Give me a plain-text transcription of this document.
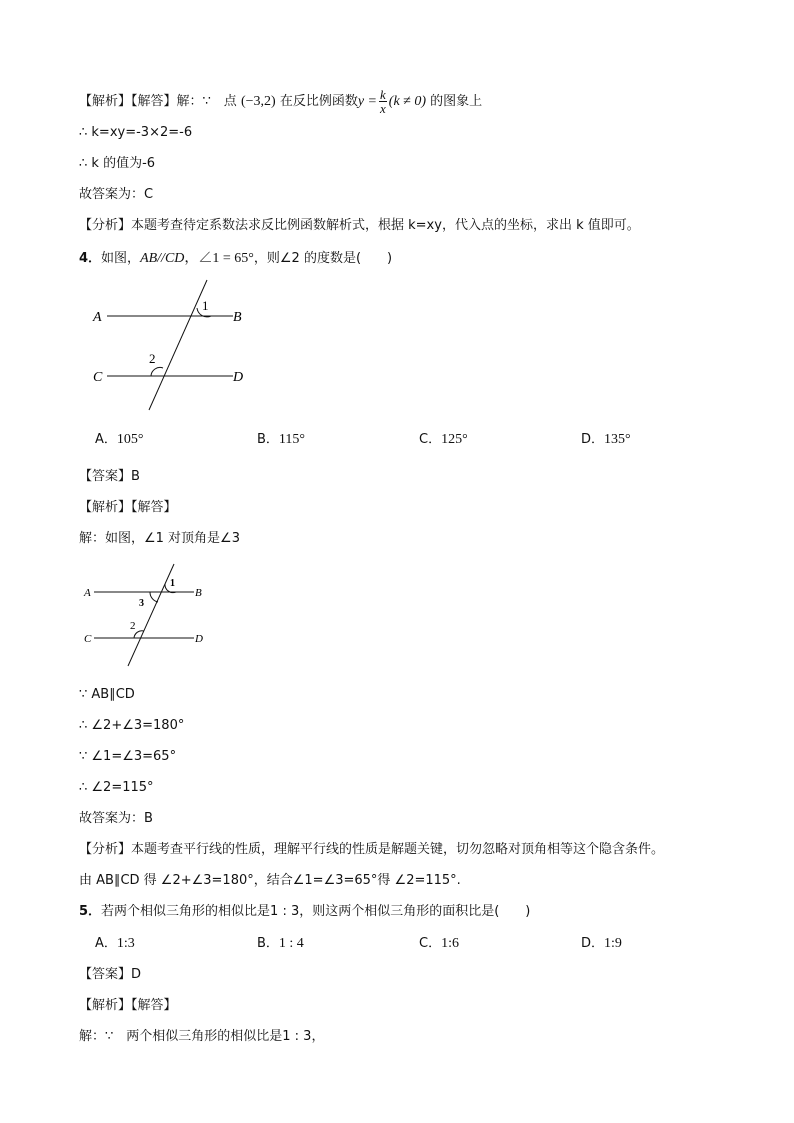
【解析】【解答】解：∵　点 (−3,2) 在反比例函数$y = \frac{k}{x} (k \ne 0)$ 的图象上
∴ k=xy=-3×2=-6
∴ k 的值为-6
故答案为：C
【分析】本题考查待定系数法求反比例函数解析式，根据 k=xy，代入点的坐标，求出 k 值即可。
4．如图，AB//CD，∠1 = 65°，则∠2 的度数是(　　)
A	B
C	D
1
2
A．105°	B．115°	C．125°	D．135°
【答案】B
【解析】【解答】
解：如图，∠1 对顶角是∠3
A	B
C	D
1
3
2
∵ AB∥CD
∴ ∠2+∠3=180°
∵ ∠1=∠3=65°
∴ ∠2=115°
故答案为：B
【分析】本题考查平行线的性质，理解平行线的性质是解题关键，切勿忽略对顶角相等这个隐含条件。
由 AB∥CD 得 ∠2+∠3=180°，结合∠1=∠3=65°得 ∠2=115°.
5．若两个相似三角形的相似比是1 : 3，则这两个相似三角形的面积比是(　　)
A．1:3	B．1 : 4	C．1:6	D．1:9
【答案】D
【解析】【解答】
解：∵　两个相似三角形的相似比是1 : 3，
